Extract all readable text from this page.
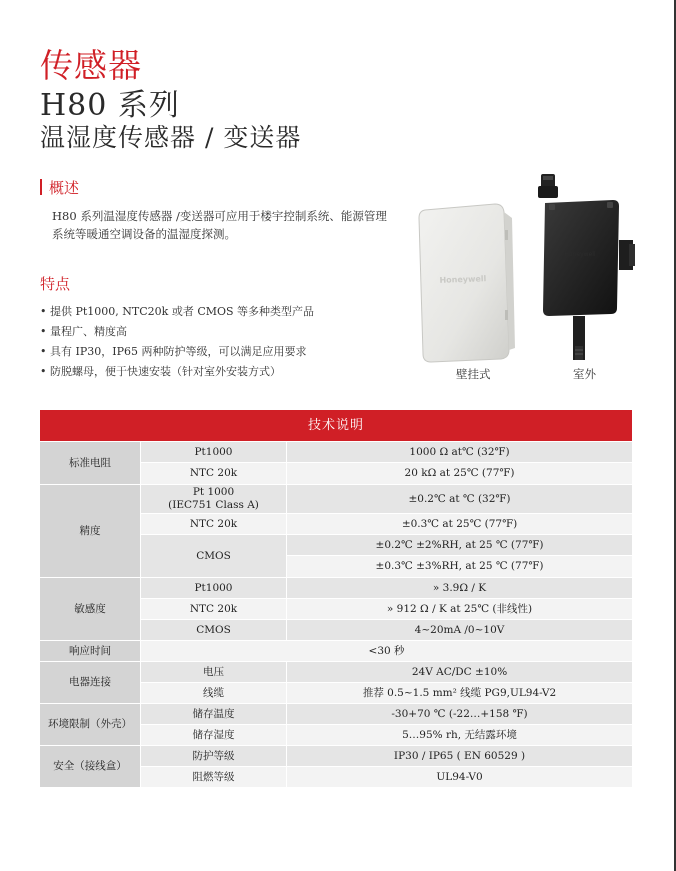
传感器
H80 系列
温湿度传感器 / 变送器
概述
H80 系列温湿度传感器 /变送器可应用于楼宇控制系统、能源管理系统等暖通空调设备的温湿度探测。
特点
• 提供 Pt1000, NTC20k 或者 CMOS 等多种类型产品
• 量程广、精度高
• 具有 IP30，IP65 两种防护等级，可以满足应用要求
• 防脱螺母，便于快速安装（针对室外安装方式）
Honeywell
Honeywell
壁挂式	室外
技术说明		
标准电阻	Pt1000	1000 Ω at℃ (32℉)
	NTC 20k	20 kΩ at 25℃ (77℉)
精度	Pt 1000
(IEC751 Class A)	±0.2℃ at ℃ (32℉)
	NTC 20k	±0.3℃ at 25℃ (77℉)
	CMOS	±0.2℃ ±2%RH, at 25 ℃ (77℉)
		±0.3℃ ±3%RH, at 25 ℃ (77℉)
敏感度	Pt1000	» 3.9Ω / K
	NTC 20k	» 912 Ω / K at 25℃ (非线性)
	CMOS	4~20mA /0~10V
响应时间	<30 秒	
电器连接	电压	24V AC/DC ±10%
	线缆	推荐 0.5~1.5 mm² 线缆 PG9,UL94-V2
环境限制（外壳）	储存温度	-30+70 ℃ (-22…+158 ℉)
	储存湿度	5…95% rh, 无结露环境
安全（接线盒）	防护等级	IP30 / IP65 ( EN 60529 )
	阻燃等级	UL94-V0
